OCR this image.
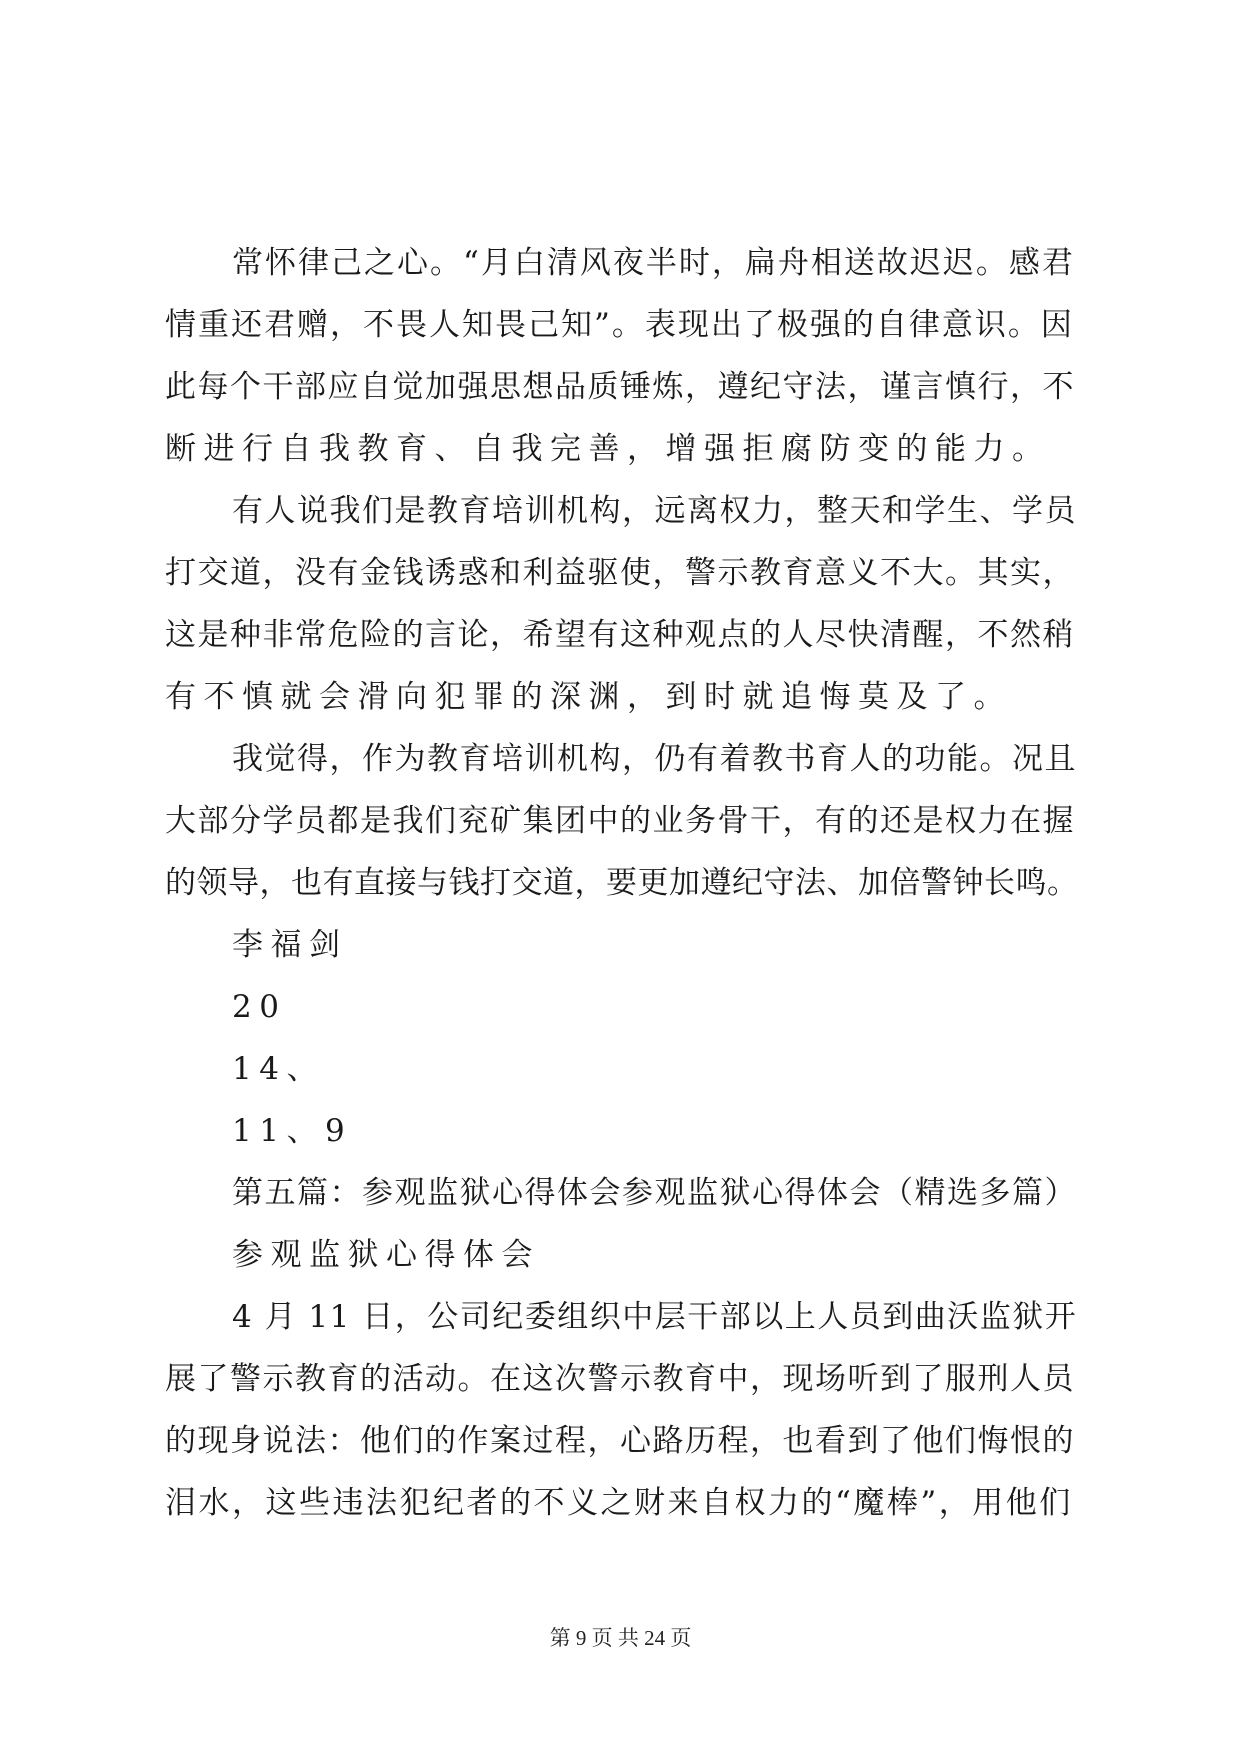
常怀律己之心。“月白清风夜半时，扁舟相送故迟迟。感君
情重还君赠，不畏人知畏己知”。表现出了极强的自律意识。因
此每个干部应自觉加强思想品质锤炼，遵纪守法，谨言慎行，不
断进行自我教育、自我完善，增强拒腐防变的能力。
有人说我们是教育培训机构，远离权力，整天和学生、学员
打交道，没有金钱诱惑和利益驱使，警示教育意义不大。其实，
这是种非常危险的言论，希望有这种观点的人尽快清醒，不然稍
有不慎就会滑向犯罪的深渊，到时就追悔莫及了。
我觉得，作为教育培训机构，仍有着教书育人的功能。况且
大部分学员都是我们兖矿集团中的业务骨干，有的还是权力在握
的领导，也有直接与钱打交道，要更加遵纪守法、加倍警钟长鸣。
李福剑
20
14、
11、9
第五篇：参观监狱心得体会参观监狱心得体会（精选多篇）
参观监狱心得体会
4 月 11 日，公司纪委组织中层干部以上人员到曲沃监狱开
展了警示教育的活动。在这次警示教育中，现场听到了服刑人员
的现身说法：他们的作案过程，心路历程，也看到了他们悔恨的
泪水，这些违法犯纪者的不义之财来自权力的“魔棒”，用他们
第 9 页 共 24 页
